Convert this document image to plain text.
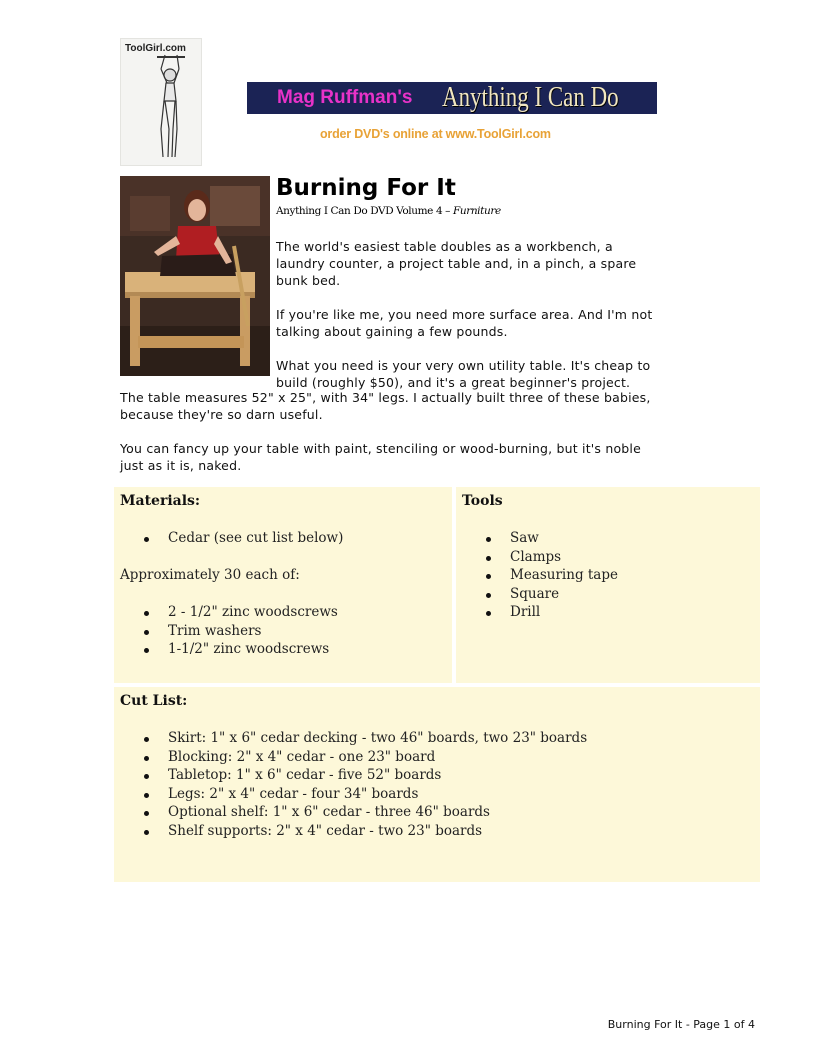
ToolGirl.com
Mag Ruffman's	Anything I Can Do
order DVD's online at www.ToolGirl.com
Burning For It
Anything I Can Do DVD Volume 4 – Furniture
The world's easiest table doubles as a workbench, a
laundry counter, a project table and, in a pinch, a spare
bunk bed.
If you're like me, you need more surface area. And I'm not
talking about gaining a few pounds.
What you need is your very own utility table. It's cheap to
build (roughly $50), and it's a great beginner's project.
The table measures 52" x 25", with 34" legs. I actually built three of these babies,
because they're so darn useful.
You can fancy up your table with paint, stenciling or wood-burning, but it's noble
just as it is, naked.
Materials:
Cedar (see cut list below)
Approximately 30 each of:
2 - 1/2" zinc woodscrews
Trim washers
1-1/2" zinc woodscrews
Tools
Saw
Clamps
Measuring tape
Square
Drill
Cut List:
Skirt: 1" x 6" cedar decking - two 46" boards, two 23" boards
Blocking: 2" x 4" cedar - one 23" board
Tabletop: 1" x 6" cedar - five 52" boards
Legs: 2" x 4" cedar - four 34" boards
Optional shelf: 1" x 6" cedar - three 46" boards
Shelf supports: 2" x 4" cedar - two 23" boards
Burning For It - Page 1 of 4
